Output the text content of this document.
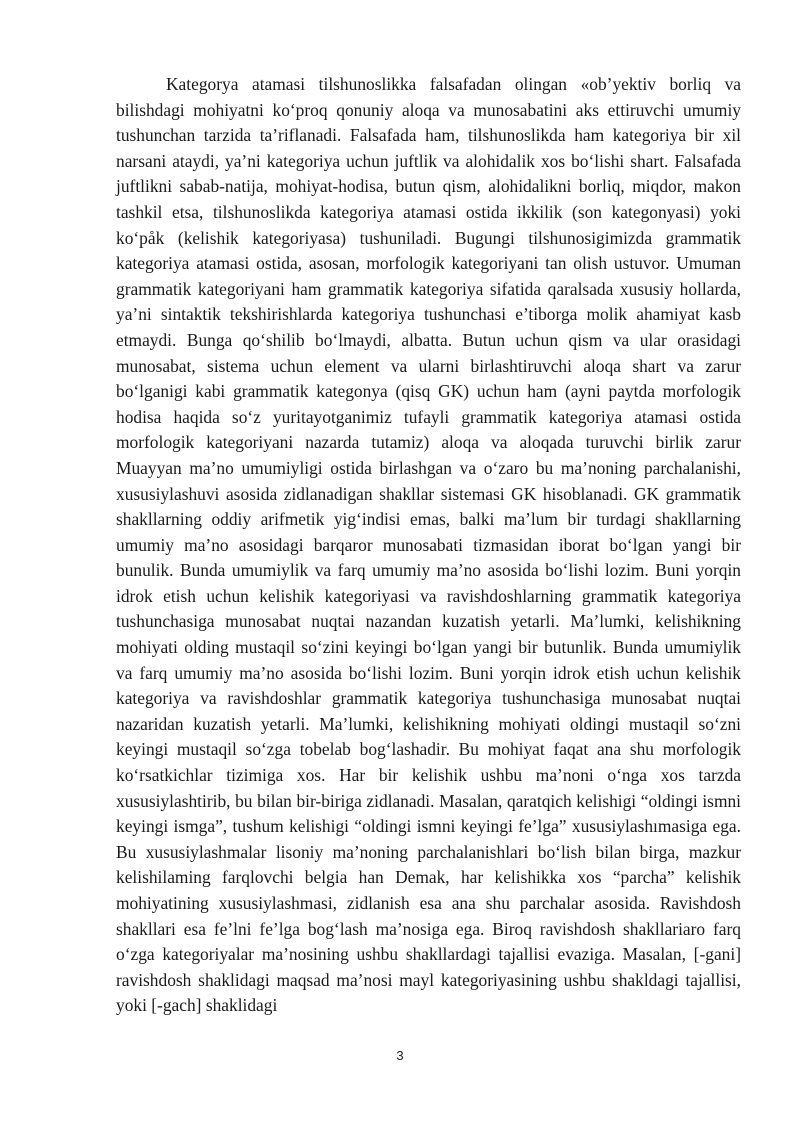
Kategorya atamasi tilshunoslikka falsafadan olingan «ob’yektiv borliq va bilishdagi mohiyatni ko‘proq qonuniy aloqa va munosabatini aks ettiruvchi umumiy tushunchan tarzida ta’riflanadi. Falsafada ham, tilshunoslikda ham kategoriya bir xil narsani ataydi, ya’ni kategoriya uchun juftlik va alohidalik xos bo‘lishi shart. Falsafada juftlikni sabab-natija, mohiyat-hodisa, butun qism, alohidalikni borliq, miqdor, makon tashkil etsa, tilshunoslikda kategoriya atamasi ostida ikkilik (son kategonyasi) yoki ko‘påk (kelishik kategoriyasa) tushuniladi. Bugungi tilshunosigimizda grammatik kategoriya atamasi ostida, asosan, morfologik kategoriyani tan olish ustuvor. Umuman grammatik kategoriyani ham grammatik kategoriya sifatida qaralsada xususiy hollarda, ya’ni sintaktik tekshirishlarda kategoriya tushunchasi e’tiborga molik ahamiyat kasb etmaydi. Bunga qo‘shilib bo‘lmaydi, albatta. Butun uchun qism va ular orasidagi munosabat, sistema uchun element va ularni birlashtiruvchi aloqa shart va zarur bo‘lganigi kabi grammatik kategonya (qisq GK) uchun ham (ayni paytda morfologik hodisa haqida so‘z yuritayotganimiz tufayli grammatik kategoriya atamasi ostida morfologik kategoriyani nazarda tutamiz) aloqa va aloqada turuvchi birlik zarur Muayyan ma’no umumiyligi ostida birlashgan va o‘zaro bu ma’noning parchalanishi, xususiylashuvi asosida zidlanadigan shakllar sistemasi GK hisoblanadi. GK grammatik shakllarning oddiy arifmetik yig‘indisi emas, balki ma’lum bir turdagi shakllarning umumiy ma’no asosidagi barqaror munosabati tizmasidan iborat bo‘lgan yangi bir bunulik. Bunda umumiylik va farq umumiy ma’no asosida bo‘lishi lozim. Buni yorqin idrok etish uchun kelishik kategoriyasi va ravishdoshlarning grammatik kategoriya tushunchasiga munosabat nuqtai nazandan kuzatish yetarli. Ma’lumki, kelishikning mohiyati olding mustaqil so‘zini keyingi bo‘lgan yangi bir butunlik. Bunda umumiylik va farq umumiy ma’no asosida bo‘lishi lozim. Buni yorqin idrok etish uchun kelishik kategoriya va ravishdoshlar grammatik kategoriya tushunchasiga munosabat nuqtai nazaridan kuzatish yetarli. Ma’lumki, kelishikning mohiyati oldingi mustaqil so‘zni keyingi mustaqil so‘zga tobelab bog‘lashadir. Bu mohiyat faqat ana shu morfologik ko‘rsatkichlar tizimiga xos. Har bir kelishik ushbu ma’noni o‘nga xos tarzda xususiylashtirib, bu bilan bir-biriga zidlanadi. Masalan, qaratqich kelishigi “oldingi ismni keyingi ismga”, tushum kelishigi “oldingi ismni keyingi fe’lga” xususiylashımasiga ega. Bu xususiylashmalar lisoniy ma’noning parchalanishlari bo‘lish bilan birga, mazkur kelishilaming farqlovchi belgia han Demak, har kelishikka xos “parcha” kelishik mohiyatining xususiylashmasi, zidlanish esa ana shu parchalar asosida. Ravishdosh shakllari esa fe’lni fe’lga bog‘lash ma’nosiga ega. Biroq ravishdosh shakllariaro farq o‘zga kategoriyalar ma’nosining ushbu shakllardagi tajallisi evaziga. Masalan, [-gani] ravishdosh shaklidagi maqsad ma’nosi mayl kategoriyasining ushbu shakldagi tajallisi, yoki [-gach] shaklidagi

3
